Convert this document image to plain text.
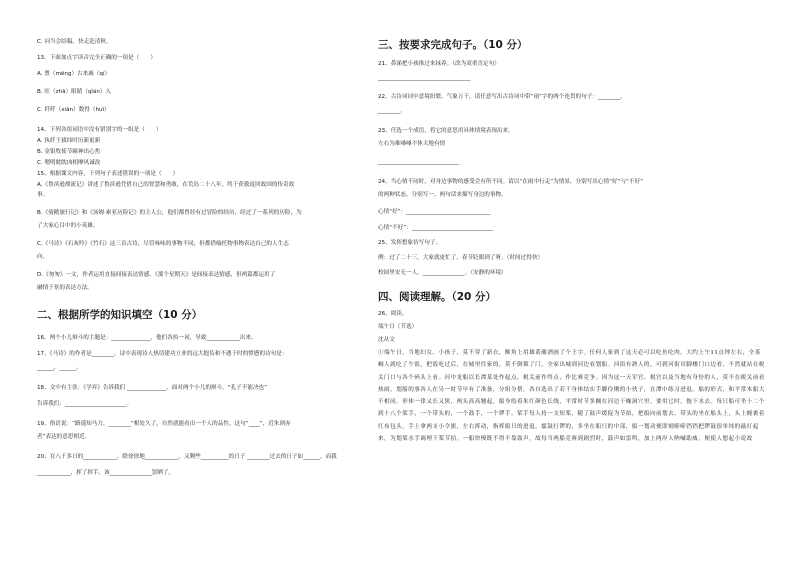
C. 问当会结稿，快走赴清秋。

13、下面加点字读音完全正确的一项是（　　）

A. 票（mēng）古来戚（qí）

B. 旺（zhā）眼睛（qǐán）入

C. 纤纤（xiān）数得（huī）

14、下列各组词语中没有错别字的一组是（　　）

A. 执纤王拔纬时历新更新

B. 金银牧使节瞳神出心焦

C. 嗯明眈眈凶相摩风诚改

15、根据课文内容，下列句子表述错误的一项是（　　）

A.《鲁滨逊漂流记》讲述了鲁滨逊凭借自己的智慧和勇敢，在荒岛二十八年，终于获救返回故国的传奇故

事。

B.《骑鹅旅行记》和《汤姆·索亚历险记》的主人公，他们都曾经有过冒险的经历，经过了一系列的历险，为

了大家心目中的小英雄。

C.《马诗》《石灰吟》《竹石》这三首古诗，尽管咏咏的事物不同，但都借喻托物事物表达自己的人生志

向。

D.《匆匆》一文，作者运用直接间接表达情感，《那个星期天》是间接表达情感，但两篇都运用了

融情于景的表达方法。

二、根据所学的知识填空（10 分）

16、两个小儿辩斗的主题是：______________，他们各执一词，导致____________出来。

17、《马诗》的作者是________，诗中表现诗人热切建功立业的远大抱负和不遇于时的愤懑的诗句是：

______，______。

18、文中有主张：《学弈》告诉我们 ______________，面对两个小儿的辩斗，“孔子不能决也”

告诉我们：______________________。

19、俗语说：“路遥知马力，________”相处久了，自然就能看出一个人的品性。这句“____”，近朱则赤

者”表达的意思相近。

20、在八千多日的____________，除徐徐地____________，又剩些__________的日子 ________过去的日子如______，而我

____________，挥了挥手，该_______________罢晒了。

三、按要求完成句子。（10 分）

21、鼻涕把小孩推过来抹养。（改为双重否定句）

_________________________________

22、古诗词词中意境纷繁、气象万千。请任意写出古诗词中带“雨”字的两个连贯的句子：________，

________。

23、任选一个成语，将它的意思用具体情境表现出来。

左右为难嗓嗓不休天地有情

_____________________________

24、当心情不同时，对身边事物的感受会有所不同。请以“在雨中行走”为情景，分别写出心情“好”与“不好”

的两种状态，分别写一、两句话来描写身边的事物。

心情“好”：______________________________

心情“不好”：_____________________________

25、发挥想象仿写句子。

例：过了二十三，大家就更忙了，春节眨眼到了呀。（时间过得快）

校园里安无一人，_______________。（安静的环境）

四、阅读理解。（20 分）

26、阅读。

端午日（节选）

沈从文

①端午日，当地妇女、小孩子，莫不穿了新衣，额角上用雄黄蘸酒画了个王字。任何人家到了这天必可以吃鱼吃肉。大约上午11点钟左右，全茶峒人就吃了午饭，把饭吃过后，在城里住家的，莫不倒锁了门，全家出城到河边看划船。河街有熟人的，可到河街吊脚楼门口边看，不然就站在税关门口与各个码头上看。河中龙船以长潭某处作起点，税关前作终点，作比赛竞争。因为这一天军官、税官以及当地有身份的人，莫不在税关前看热闹。划船的事各人在另一时节早有了准备，分组分帮，各自选出了若干身体结实手脚伶俐的小伙子，在潭中练习进退。船的形式，和平常木船大不相同，形体一律又长又狭，两头高高翘起，船身绘着朱红颜色长线，平常时节多搁在河边干燥洞穴里，要用它时，拖下水去。每只船可坐十二个到十八个桨手，一个带头的，一个鼓手，一个锣手。桨手每人持一支短桨，随了鼓声缓促为节拍，把船向前划去。带头的坐在船头上，头上缠裹着红布包头，手上拿两支小令旗，左右挥动，指挥船只的进退。擂鼓打锣的，多坐在船只的中部，船一划动便即刻嘭嘭铛铛把锣鼓很单纯的敲打起来，为划桨水手调理下桨节拍。一船快慢既不得不靠鼓声，故每当两船竞赛到剧烈时，鼓声如雷鸣，加上两岸人呐喊助威，便使人想起小说故
